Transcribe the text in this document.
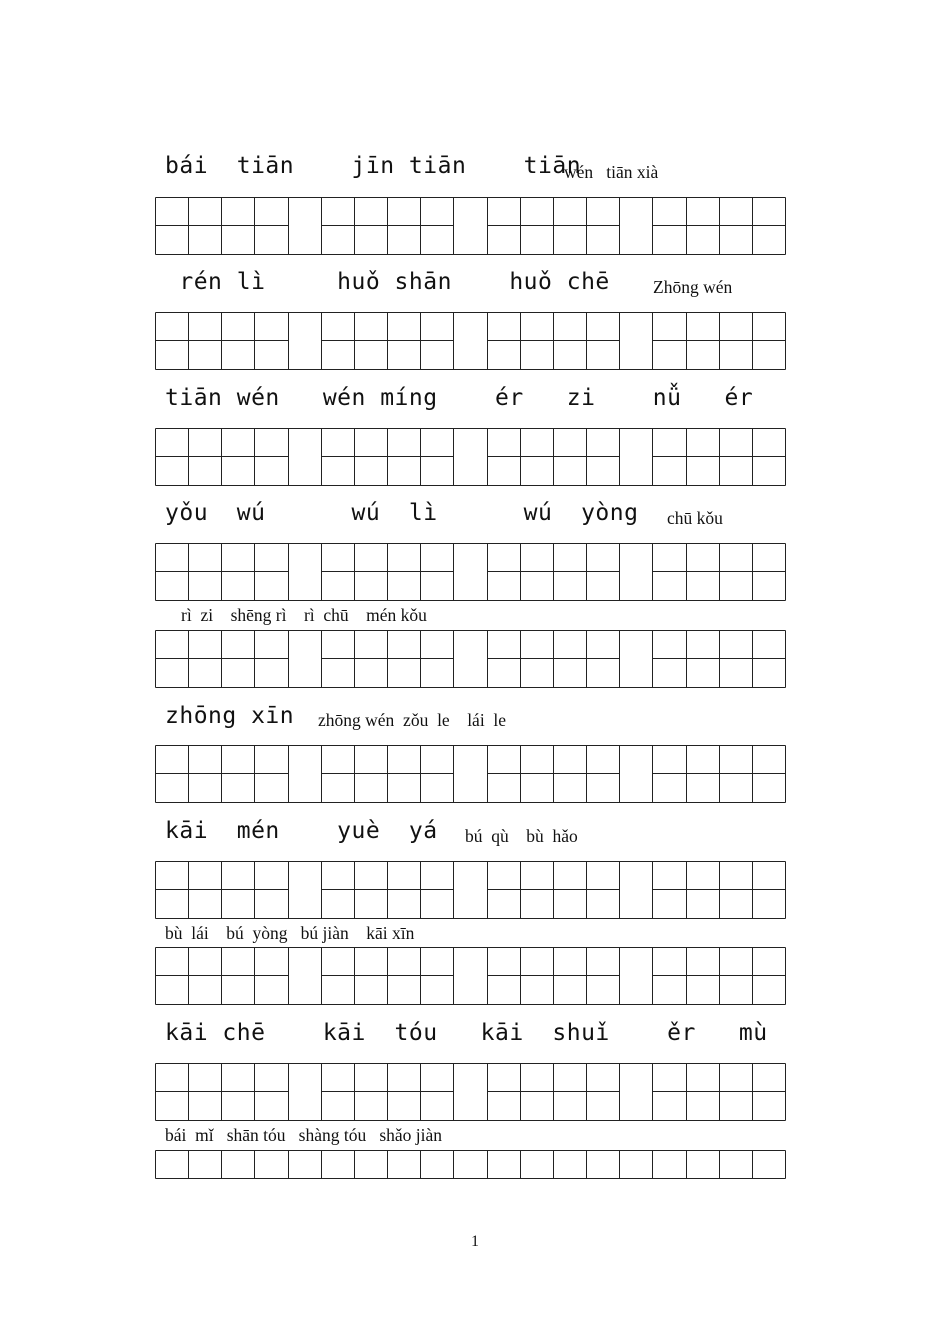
bái  tiān    jīn tiān    tiān
wén   tiān xià
rén lì     huǒ shān    huǒ chē Zhōng wén
tiān wén   wén míng    ér   zi    nǚ   ér
yǒu  wú      wú  lì      wú  yòng chū kǒu
rì  zi    shēng rì    rì  chū    mén kǒu
zhōng xīn zhōng wén  zǒu  le    lái  le
kāi  mén    yuè  yá bú  qù    bù  hǎo
bù  lái    bú  yòng   bú jiàn    kāi xīn
kāi chē    kāi  tóu   kāi  shuǐ    ěr   mù
bái  mǐ   shān tóu   shàng tóu   shǎo jiàn
1
